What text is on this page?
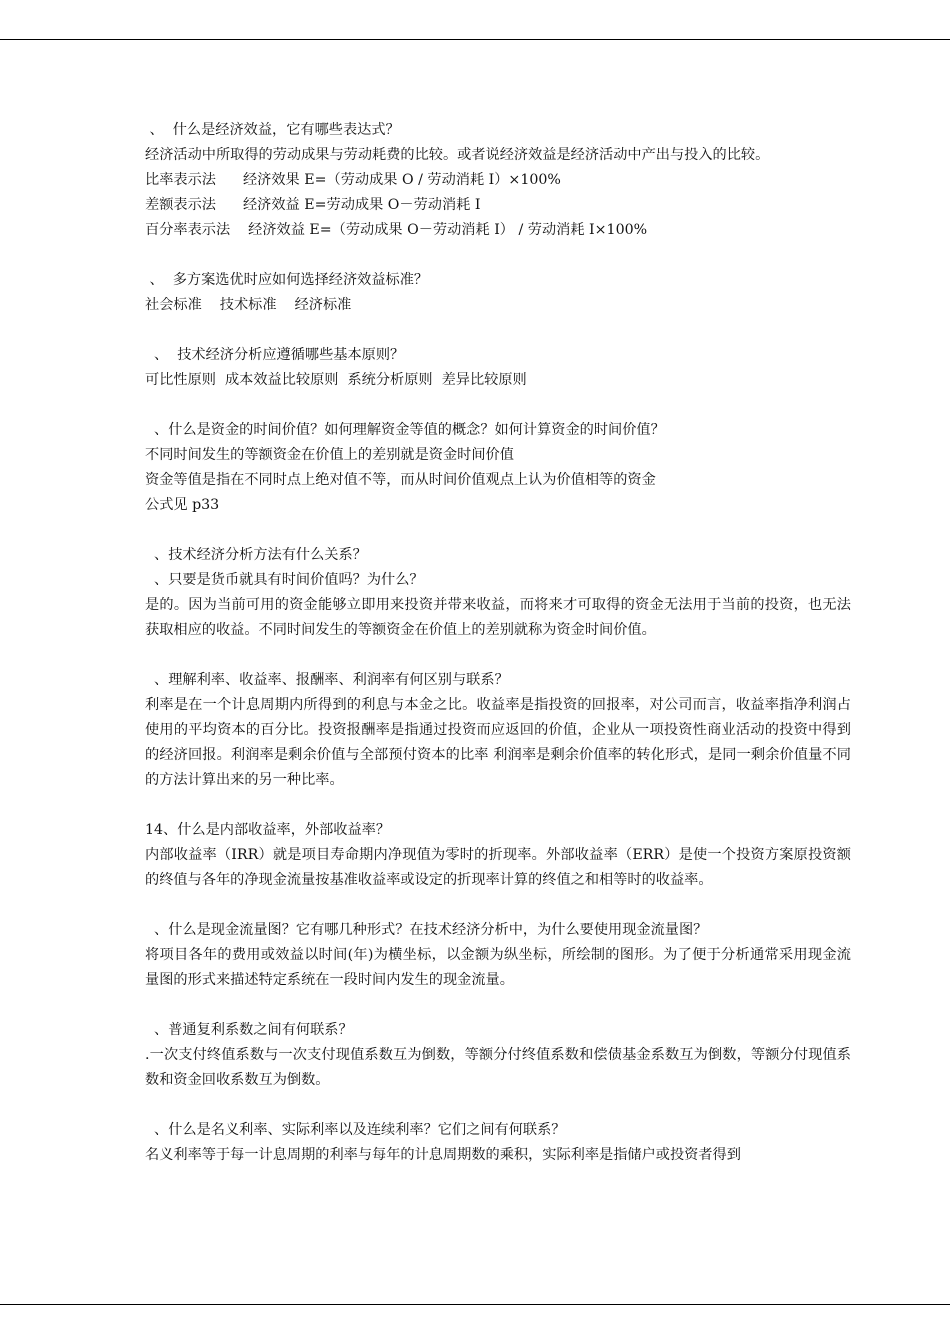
、  什么是经济效益，它有哪些表达式？
经济活动中所取得的劳动成果与劳动耗费的比较。或者说经济效益是经济活动中产出与投入的比较。
比率表示法      经济效果 E=（劳动成果 O / 劳动消耗 I）×100%
差额表示法      经济效益 E=劳动成果 O－劳动消耗 I
百分率表示法    经济效益 E=（劳动成果 O－劳动消耗 I） / 劳动消耗 I×100%
、  多方案选优时应如何选择经济效益标准？
社会标准    技术标准    经济标准
、  技术经济分析应遵循哪些基本原则？
可比性原则  成本效益比较原则  系统分析原则  差异比较原则
、什么是资金的时间价值？如何理解资金等值的概念？如何计算资金的时间价值？
不同时间发生的等额资金在价值上的差别就是资金时间价值
资金等值是指在不同时点上绝对值不等，而从时间价值观点上认为价值相等的资金
公式见 p33
、技术经济分析方法有什么关系？
、只要是货币就具有时间价值吗？为什么？
是的。因为当前可用的资金能够立即用来投资并带来收益，而将来才可取得的资金无法用于当前的投资，也无法获取相应的收益。不同时间发生的等额资金在价值上的差别就称为资金时间价值。
、理解利率、收益率、报酬率、利润率有何区别与联系？
利率是在一个计息周期内所得到的利息与本金之比。收益率是指投资的回报率，对公司而言，收益率指净利润占使用的平均资本的百分比。投资报酬率是指通过投资而应返回的价值，企业从一项投资性商业活动的投资中得到的经济回报。利润率是剩余价值与全部预付资本的比率 利润率是剩余价值率的转化形式，是同一剩余价值量不同的方法计算出来的另一种比率。
14、什么是内部收益率，外部收益率？
内部收益率（IRR）就是项目寿命期内净现值为零时的折现率。外部收益率（ERR）是使一个投资方案原投资额的终值与各年的净现金流量按基准收益率或设定的折现率计算的终值之和相等时的收益率。
、什么是现金流量图？它有哪几种形式？在技术经济分析中，为什么要使用现金流量图？
将项目各年的费用或效益以时间(年)为横坐标，以金额为纵坐标，所绘制的图形。为了便于分析通常采用现金流量图的形式来描述特定系统在一段时间内发生的现金流量。
、普通复利系数之间有何联系？
.一次支付终值系数与一次支付现值系数互为倒数，等额分付终值系数和偿债基金系数互为倒数，等额分付现值系数和资金回收系数互为倒数。
、什么是名义利率、实际利率以及连续利率？它们之间有何联系？
名义利率等于每一计息周期的利率与每年的计息周期数的乘积，实际利率是指储户或投资者得到
